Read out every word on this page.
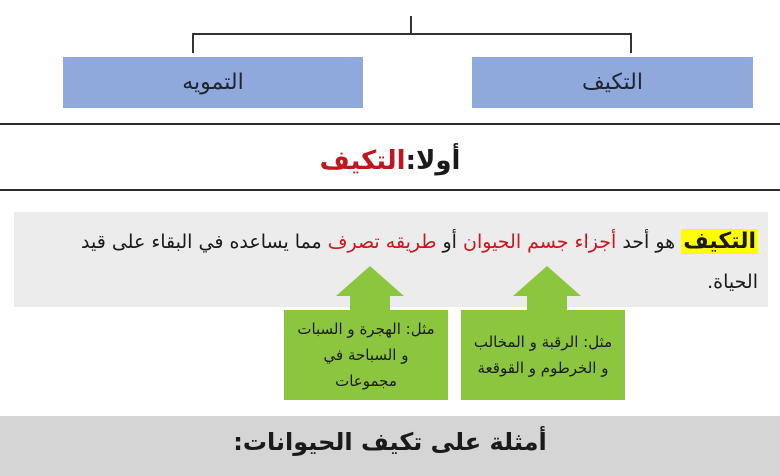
التمويه	التكيف
أولا:
التكيف
التكيف هو أحد أجزاء جسم الحيوان أو طريقه تصرف مما يساعده في البقاء على قيد الحياة.
مثل: الهجرة و السبات و السباحة في مجموعات
مثل: الرقبة و المخالب و الخرطوم و القوقعة
أمثلة على تكيف الحيوانات:
